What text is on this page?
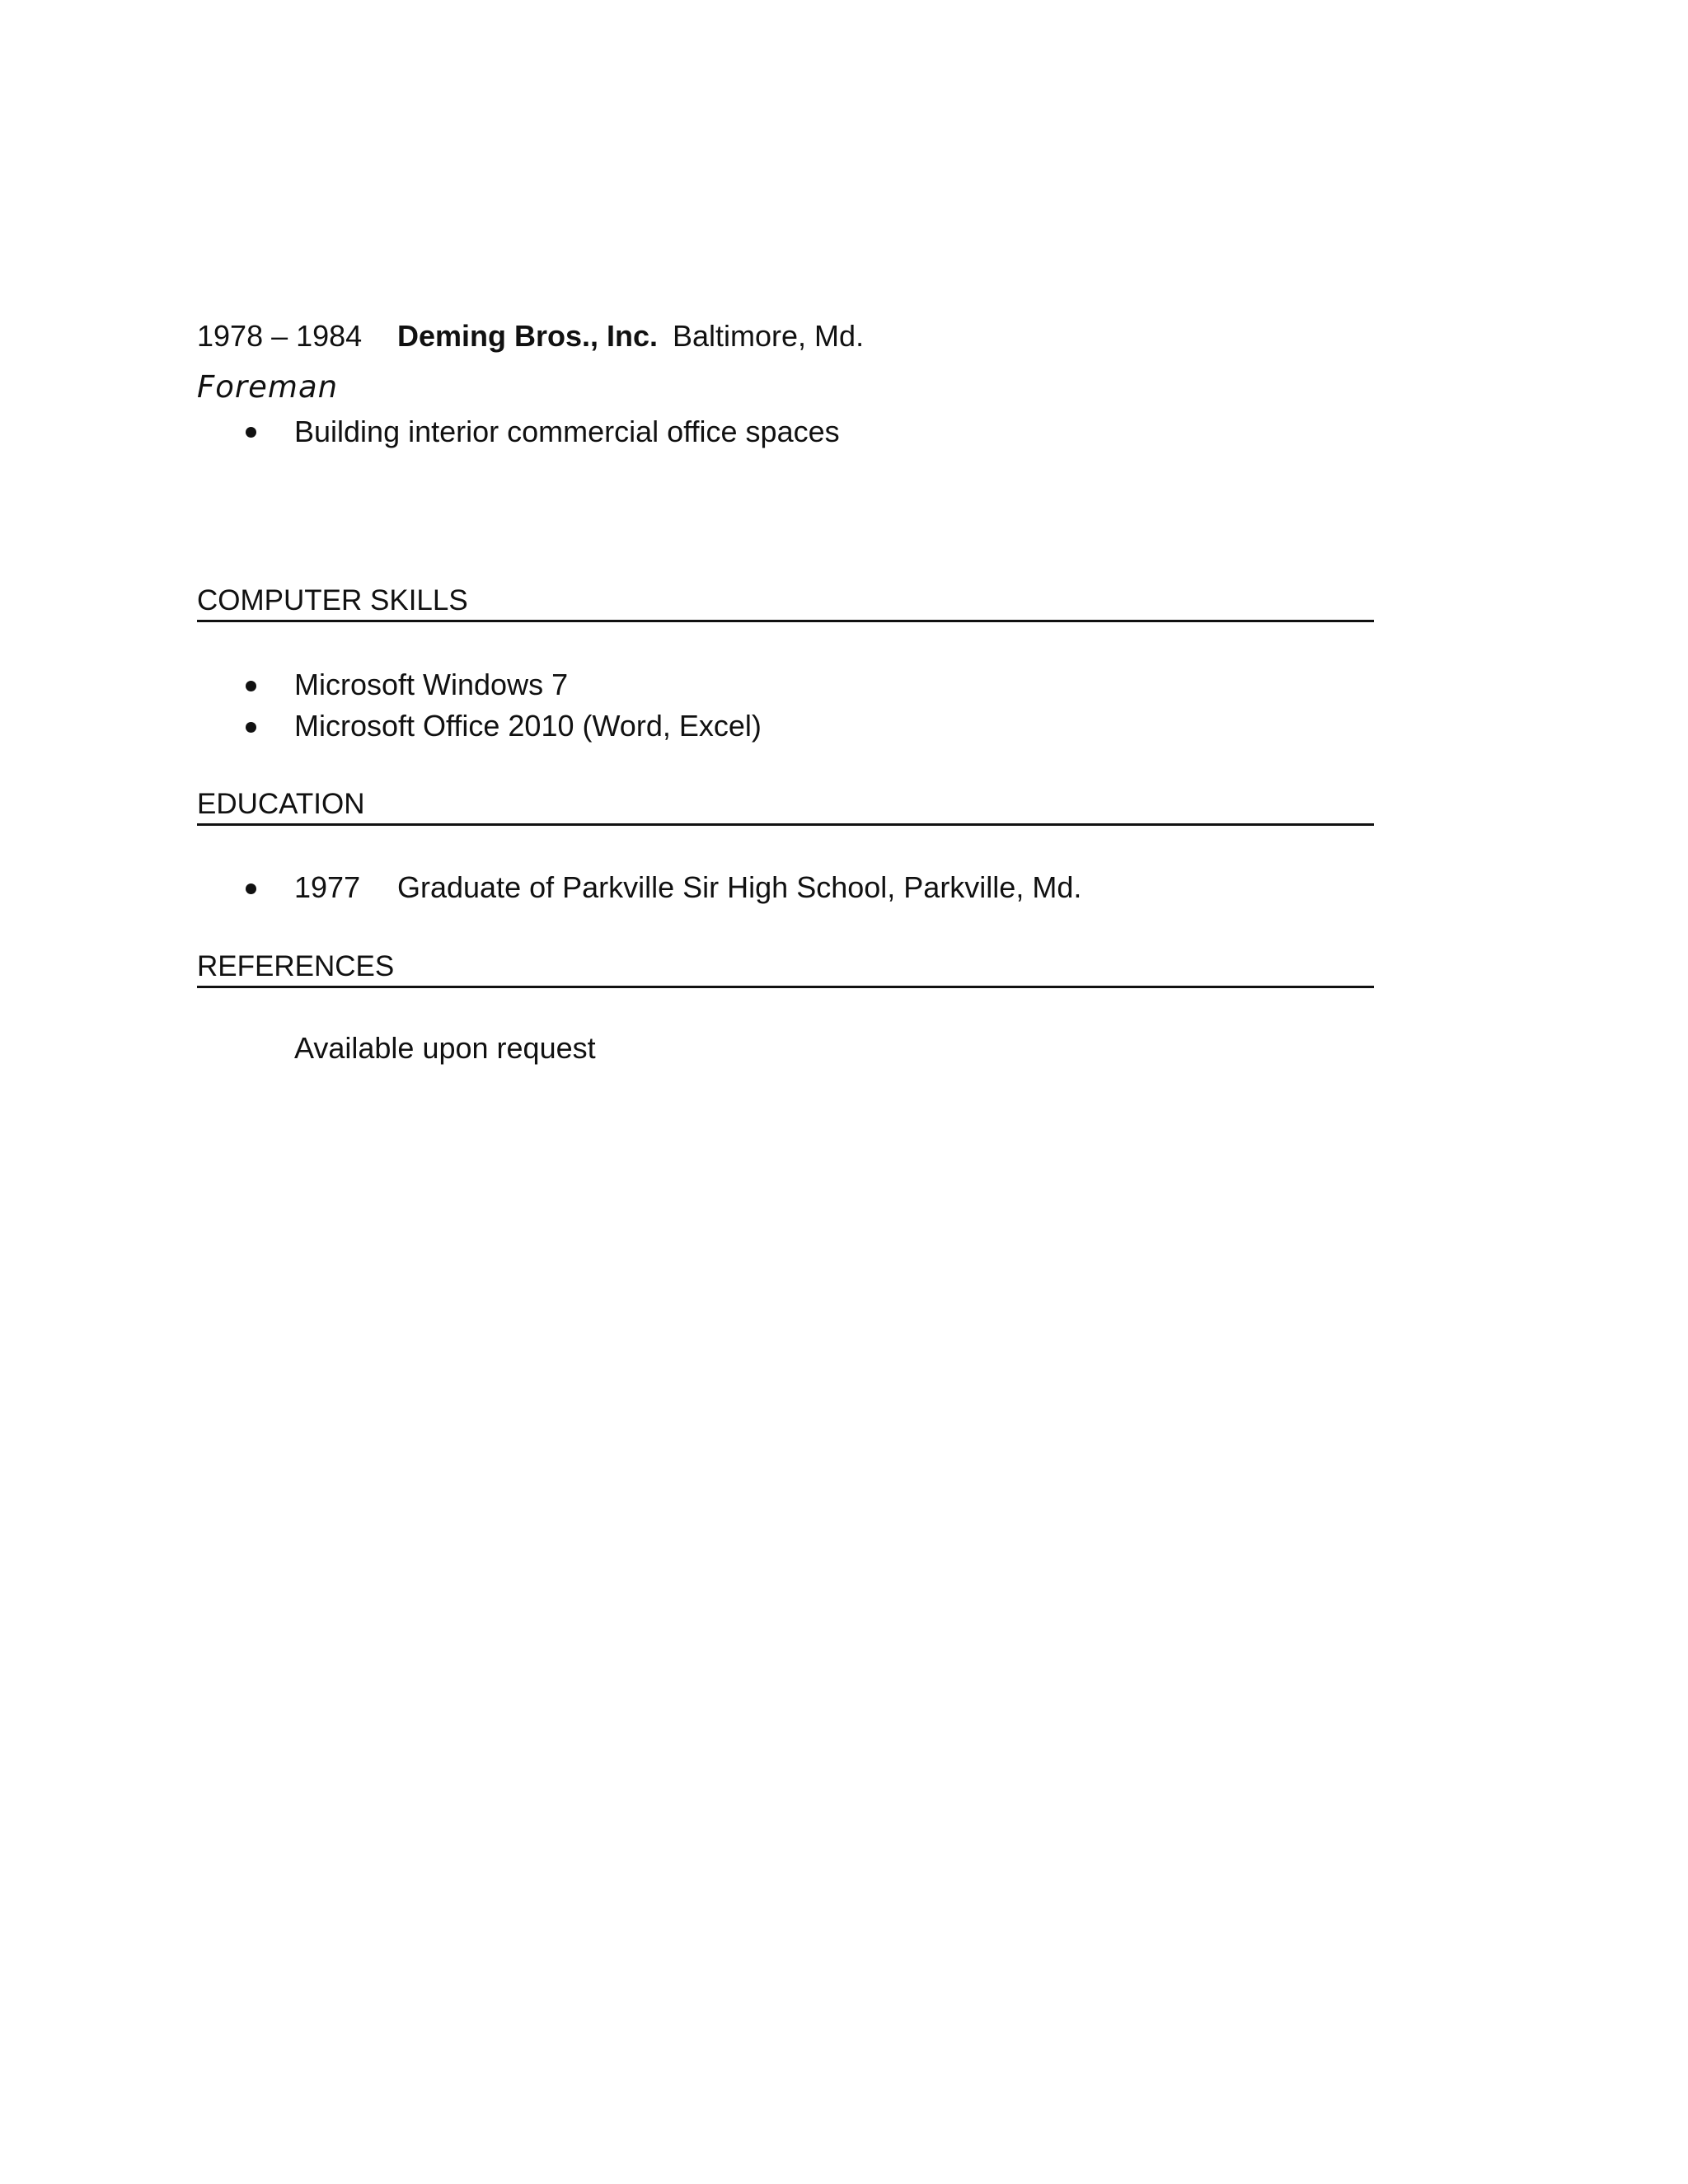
1978 – 1984 Deming Bros., Inc. Baltimore, Md.
Foreman
Building interior commercial office spaces
COMPUTER SKILLS
Microsoft Windows 7
Microsoft Office 2010 (Word, Excel)
EDUCATION
1977 Graduate of Parkville Sir High School, Parkville, Md.
REFERENCES
Available upon request
